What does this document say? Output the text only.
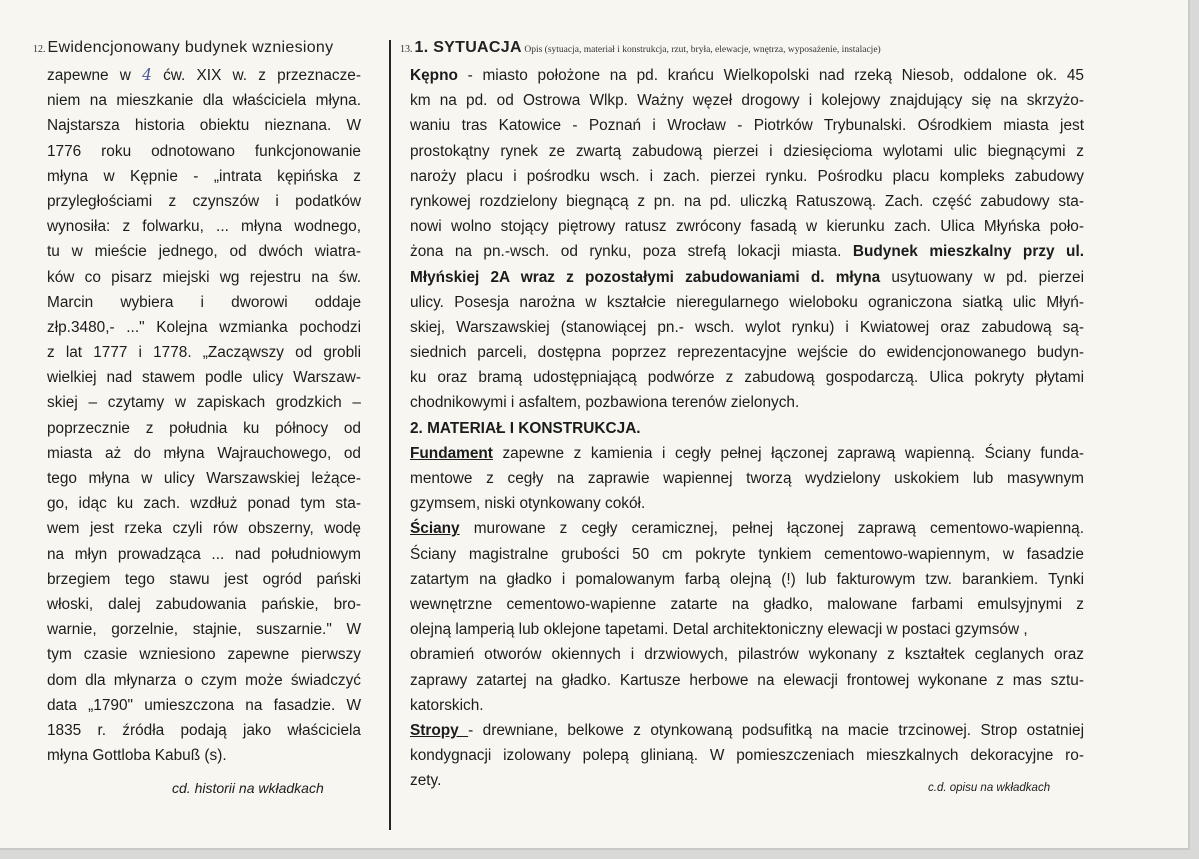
12. Ewidencjonowany budynek wzniesiony	13. 1. SYTUACJA Opis (sytuacja, materiał i konstrukcja, rzut, bryła, elewacje, wnętrza, wyposażenie, instalacje)
zapewne w 4 ćw. XIX w. z przeznacze-
niem na mieszkanie dla właściciela młyna.
Najstarsza historia obiektu nieznana. W
1776 roku odnotowano funkcjonowanie
młyna w Kępnie - „intrata kępińska z
przyległościami z czynszów i podatków
wynosiła: z folwarku, ... młyna wodnego,
tu w mieście jednego, od dwóch wiatra-
ków co pisarz miejski wg rejestru na św.
Marcin wybiera i dworowi oddaje
złp.3480,- ..." Kolejna wzmianka pochodzi
z lat 1777 i 1778. „Zacząwszy od grobli
wielkiej nad stawem podle ulicy Warszaw-
skiej – czytamy w zapiskach grodzkich –
poprzecznie z południa ku północy od
miasta aż do młyna Wajrauchowego, od
tego młyna w ulicy Warszawskiej leżące-
go, idąc ku zach. wzdłuż ponad tym sta-
wem jest rzeka czyli rów obszerny, wodę
na młyn prowadząca ... nad południowym
brzegiem tego stawu jest ogród pański
włoski, dalej zabudowania pańskie, bro-
warnie, gorzelnie, stajnie, suszarnie." W
tym czasie wzniesiono zapewne pierwszy
dom dla młynarza o czym może świadczyć
data „1790" umieszczona na fasadzie. W
1835 r. źródła podają jako właściciela
młyna Gottloba Kabuß (s).
cd. historii na wkładkach
Kępno - miasto położone na pd. krańcu Wielkopolski nad rzeką Niesob, oddalone ok. 45
km na pd. od Ostrowa Wlkp. Ważny węzeł drogowy i kolejowy znajdujący się na skrzyżo-
waniu tras Katowice - Poznań i Wrocław - Piotrków Trybunalski. Ośrodkiem miasta jest
prostokątny rynek ze zwartą zabudową pierzei i dziesięcioma wylotami ulic biegnącymi z
naroży placu i pośrodku wsch. i zach. pierzei rynku. Pośrodku placu kompleks zabudowy
rynkowej rozdzielony biegnącą z pn. na pd. uliczką Ratuszową. Zach. część zabudowy sta-
nowi wolno stojący piętrowy ratusz zwrócony fasadą w kierunku zach. Ulica Młyńska poło-
żona na pn.-wsch. od rynku, poza strefą lokacji miasta. Budynek mieszkalny przy ul.
Młyńskiej 2A wraz z pozostałymi zabudowaniami d. młyna usytuowany w pd. pierzei
ulicy. Posesja narożna w kształcie nieregularnego wieloboku ograniczona siatką ulic Młyń-
skiej, Warszawskiej (stanowiącej pn.- wsch. wylot rynku) i Kwiatowej oraz zabudową są-
siednich parceli, dostępna poprzez reprezentacyjne wejście do ewidencjonowanego budyn-
ku oraz bramą udostępniającą podwórze z zabudową gospodarczą. Ulica pokryty płytami
chodnikowymi i asfaltem, pozbawiona terenów zielonych.
2. MATERIAŁ I KONSTRUKCJA.
Fundament zapewne z kamienia i cegły pełnej łączonej zaprawą wapienną. Ściany funda-
mentowe z cegły na zaprawie wapiennej tworzą wydzielony uskokiem lub masywnym
gzymsem, niski otynkowany cokół.
Ściany murowane z cegły ceramicznej, pełnej łączonej zaprawą cementowo-wapienną.
Ściany magistralne grubości 50 cm pokryte tynkiem cementowo-wapiennym, w fasadzie
zatartym na gładko i pomalowanym farbą olejną (!) lub fakturowym tzw. barankiem. Tynki
wewnętrzne cementowo-wapienne zatarte na gładko, malowane farbami emulsyjnymi z
olejną lamperią lub oklejone tapetami. Detal architektoniczny elewacji w postaci gzymsów ,
obramień otworów okiennych i drzwiowych, pilastrów wykonany z kształtek ceglanych oraz
zaprawy zatartej na gładko. Kartusze herbowe na elewacji frontowej wykonane z mas sztu-
katorskich.
Stropy - drewniane, belkowe z otynkowaną podsufitką na macie trzcinowej. Strop ostatniej
kondygnacji izolowany polepą glinianą. W pomieszczeniach mieszkalnych dekoracyjne ro-
zety.	c.d. opisu na wkładkach
